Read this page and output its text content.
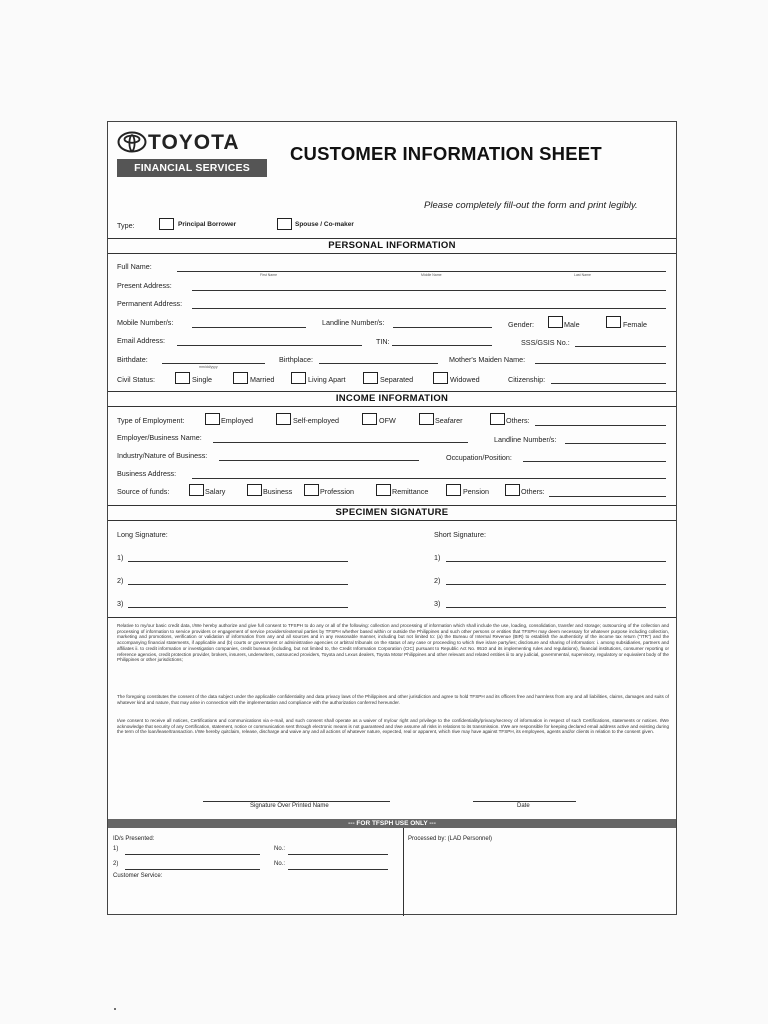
TOYOTA
FINANCIAL SERVICES
CUSTOMER INFORMATION SHEET
Please completely fill-out the form and print legibly.
Type:	Principal Borrower	Spouse / Co-maker
PERSONAL INFORMATION
Full Name:
First Name	Middle Name	Last Name
Present Address:
Permanent Address:
Mobile Number/s:	Landline Number/s:	Gender:	Male	Female
Email Address:	TIN:	SSS/GSIS No.:
Birthdate:
mm/dd/yyyy
Birthplace:	Mother's Maiden Name:
Civil Status:	Single	Married	Living Apart	Separated	Widowed	Citizenship:
INCOME INFORMATION
Type of Employment:	Employed	Self-employed	OFW	Seafarer	Others:
Employer/Business Name:	Landline Number/s:
Industry/Nature of Business:	Occupation/Position:
Business Address:
Source of funds:	Salary	Business	Profession	Remittance	Pension	Others:
SPECIMEN SIGNATURE
Long Signature:	Short Signature:
1)	1)
2)	2)
3)	3)
Relative to my/our basic credit data, I/We hereby authorize and give full consent to TFSPH to do any or all of the following: collection and processing of information which shall include the use, loading, consolidation, transfer and storage; outsourcing of the collection and processing of information to service providers or engagement of service providers/external parties by TFSPH whether based within or outside the Philippines and such other persons or entities that TFSPH may deem necessary for whatever purpose including collection, marketing and promotions, verification or validation of information from any and all sources and in any reasonable manner, including but not limited to: (a) the Bureau of Internal Revenue (BIR) to establish the authenticity of the income tax return ("ITR") and the accompanying financial statements, if applicable and (b) courts or government or administrative agencies or arbitral tribunals on the status of any case or proceeding to which I/we is/are party/ies; disclosure and sharing of information: i. among subsidiaries, partners and affiliates ii. to credit information or investigation companies, credit bureaus (including, but not limited to, the Credit Information Corporation (CIC) pursuant to Republic Act No. 9510 and its implementing rules and regulations), financial institutions, consumer reporting or reference agencies, credit protection provider, brokers, insurers, underwriters, outsourced providers, Toyota and Lexus dealers, Toyota Motor Philippines and other relevant and related entities iii to any judicial, governmental, supervisory, regulatory or equivalent body of the Philippines or other jurisdictions;
The foregoing constitutes the consent of the data subject under the applicable confidentiality and data privacy laws of the Philippines and other jurisdiction and agree to hold TFSPH and its officers free and harmless from any and all liabilities, claims, damages and suits of whatever kind and nature, that may arise in connection with the implementation and compliance with the authorization conferred hereunder.
I/we consent to receive all notices, Certifications and communications via e-mail, and such consent shall operate as a waiver of my/our right and privilege to the confidentiality/privacy/secrecy of information in respect of such Certifications, statements or notices. I/We acknowledge that security of any Certification, statement, notice or communication sent through electronic means is not guaranteed and I/we assume all risks in relations to its transmission. I/We are responsible for keeping declared email address active and existing during the term of the loan/lease/transaction. I/We hereby quitclaim, release, discharge and waive any and all actions of whatever nature, expected, real or apparent, which I/we may have against TFSPH, its employees, agents and/or clients in relation to the consent given.
Signature Over Printed Name	Date
--- FOR TFSPH USE ONLY ---
ID/s Presented:
1)	No.:
2)	No.:
Customer Service:
Processed by: (LAD Personnel)
